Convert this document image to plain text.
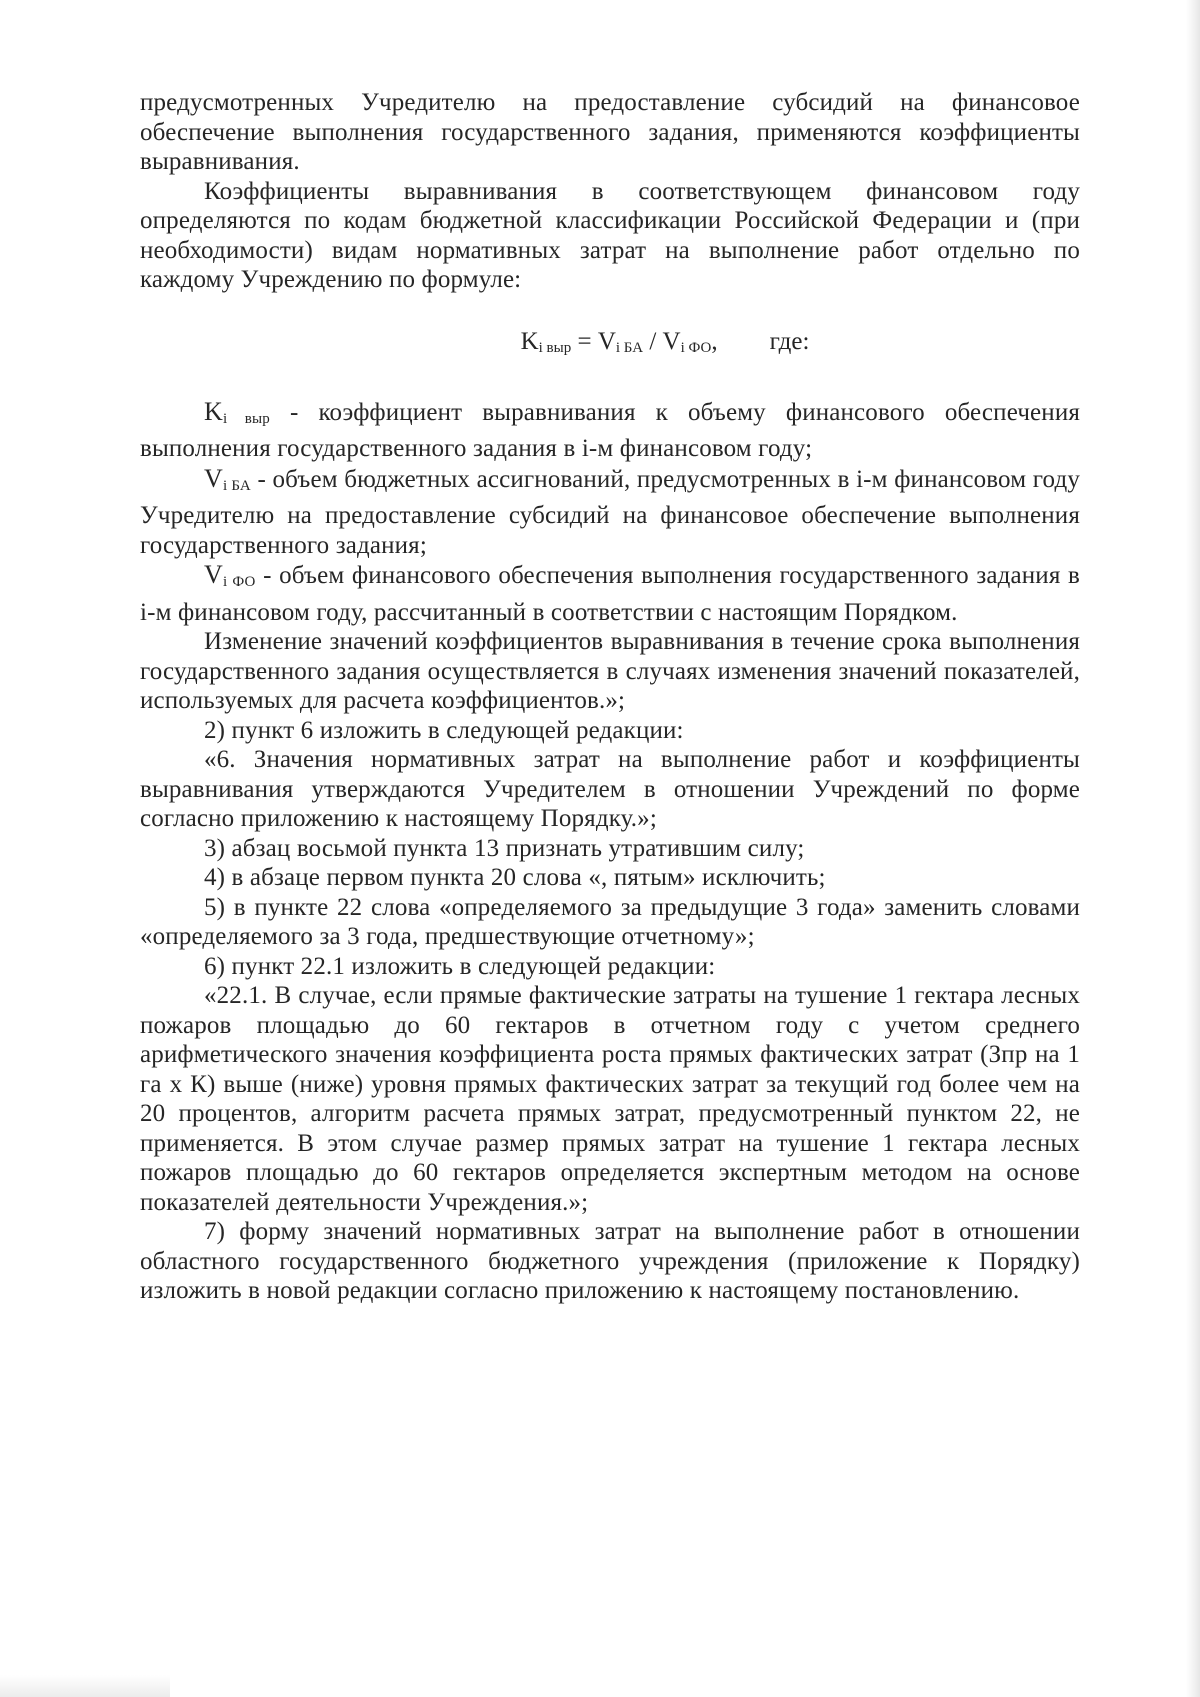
предусмотренных Учредителю на предоставление субсидий на финансовое обеспечение выполнения государственного задания, применяются коэффициенты выравнивания.

Коэффициенты выравнивания в соответствующем финансовом году определяются по кодам бюджетной классификации Российской Федерации и (при необходимости) видам нормативных затрат на выполнение работ отдельно по каждому Учреждению по формуле:

$K_{i выр} = V_{i БА} / V_{i ФО}$, где:

$K_{i выр}$ - коэффициент выравнивания к объему финансового обеспечения выполнения государственного задания в i-м финансовом году;

$V_{i БА}$ - объем бюджетных ассигнований, предусмотренных в i-м финансовом году Учредителю на предоставление субсидий на финансовое обеспечение выполнения государственного задания;

$V_{i ФО}$ - объем финансового обеспечения выполнения государственного задания в i-м финансовом году, рассчитанный в соответствии с настоящим Порядком.

Изменение значений коэффициентов выравнивания в течение срока выполнения государственного задания осуществляется в случаях изменения значений показателей, используемых для расчета коэффициентов.»;

2) пункт 6 изложить в следующей редакции:

«6. Значения нормативных затрат на выполнение работ и коэффициенты выравнивания утверждаются Учредителем в отношении Учреждений по форме согласно приложению к настоящему Порядку.»;

3) абзац восьмой пункта 13 признать утратившим силу;

4) в абзаце первом пункта 20 слова «, пятым» исключить;

5) в пункте 22 слова «определяемого за предыдущие 3 года» заменить словами «определяемого за 3 года, предшествующие отчетному»;

6) пункт 22.1 изложить в следующей редакции:

«22.1. В случае, если прямые фактические затраты на тушение 1 гектара лесных пожаров площадью до 60 гектаров в отчетном году с учетом среднего арифметического значения коэффициента роста прямых фактических затрат (Зпр на 1 га х К) выше (ниже) уровня прямых фактических затрат за текущий год более чем на 20 процентов, алгоритм расчета прямых затрат, предусмотренный пунктом 22, не применяется. В этом случае размер прямых затрат на тушение 1 гектара лесных пожаров площадью до 60 гектаров определяется экспертным методом на основе показателей деятельности Учреждения.»;

7) форму значений нормативных затрат на выполнение работ в отношении областного государственного бюджетного учреждения (приложение к Порядку) изложить в новой редакции согласно приложению к настоящему постановлению.
